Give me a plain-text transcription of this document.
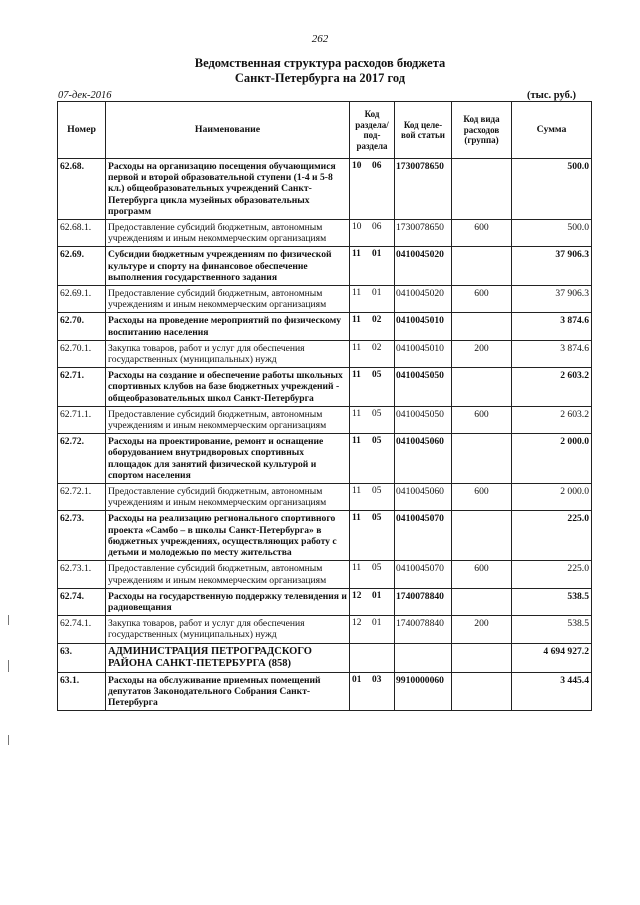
262
Ведомственная структура расходов бюджета
Санкт-Петербурга на 2017 год
07-дек-2016	(тыс. руб.)
Номер	Наименование	Код раздела/ под- раздела	Код целе- вой статьи	Код вида расходов (группа)	Сумма
62.68.	Расходы на организацию посещения обучающимися первой и второй образовательной ступени (1-4 и 5-8 кл.) общеобразовательных учреждений Санкт-Петербурга цикла музейных образовательных программ	10 06	1730078650		500.0
62.68.1.	Предоставление субсидий бюджетным, автономным учреждениям и иным некоммерческим организациям	10 06	1730078650	600	500.0
62.69.	Субсидии бюджетным учреждениям по физической культуре и спорту на финансовое обеспечение выполнения государственного задания	11 01	0410045020		37 906.3
62.69.1.	Предоставление субсидий бюджетным, автономным учреждениям и иным некоммерческим организациям	11 01	0410045020	600	37 906.3
62.70.	Расходы на проведение мероприятий по физическому воспитанию населения	11 02	0410045010		3 874.6
62.70.1.	Закупка товаров, работ и услуг для обеспечения государственных (муниципальных) нужд	11 02	0410045010	200	3 874.6
62.71.	Расходы на создание и обеспечение работы школьных спортивных клубов на базе бюджетных учреждений - общеобразовательных школ Санкт-Петербурга	11 05	0410045050		2 603.2
62.71.1.	Предоставление субсидий бюджетным, автономным учреждениям и иным некоммерческим организациям	11 05	0410045050	600	2 603.2
62.72.	Расходы на проектирование, ремонт и оснащение оборудованием внутридворовых спортивных площадок для занятий физической культурой и спортом населения	11 05	0410045060		2 000.0
62.72.1.	Предоставление субсидий бюджетным, автономным учреждениям и иным некоммерческим организациям	11 05	0410045060	600	2 000.0
62.73.	Расходы на реализацию регионального спортивного проекта «Самбо – в школы Санкт-Петербурга» в бюджетных учреждениях, осуществляющих работу с детьми и молодежью по месту жительства	11 05	0410045070		225.0
62.73.1.	Предоставление субсидий бюджетным, автономным учреждениям и иным некоммерческим организациям	11 05	0410045070	600	225.0
62.74.	Расходы на государственную поддержку телевидения и радиовещания	12 01	1740078840		538.5
62.74.1.	Закупка товаров, работ и услуг для обеспечения государственных (муниципальных) нужд	12 01	1740078840	200	538.5
63.	АДМИНИСТРАЦИЯ ПЕТРОГРАДСКОГО РАЙОНА САНКТ-ПЕТЕРБУРГА (858)				4 694 927.2
63.1.	Расходы на обслуживание приемных помещений депутатов Законодательного Собрания Санкт-Петербурга	01 03	9910000060		3 445.4
